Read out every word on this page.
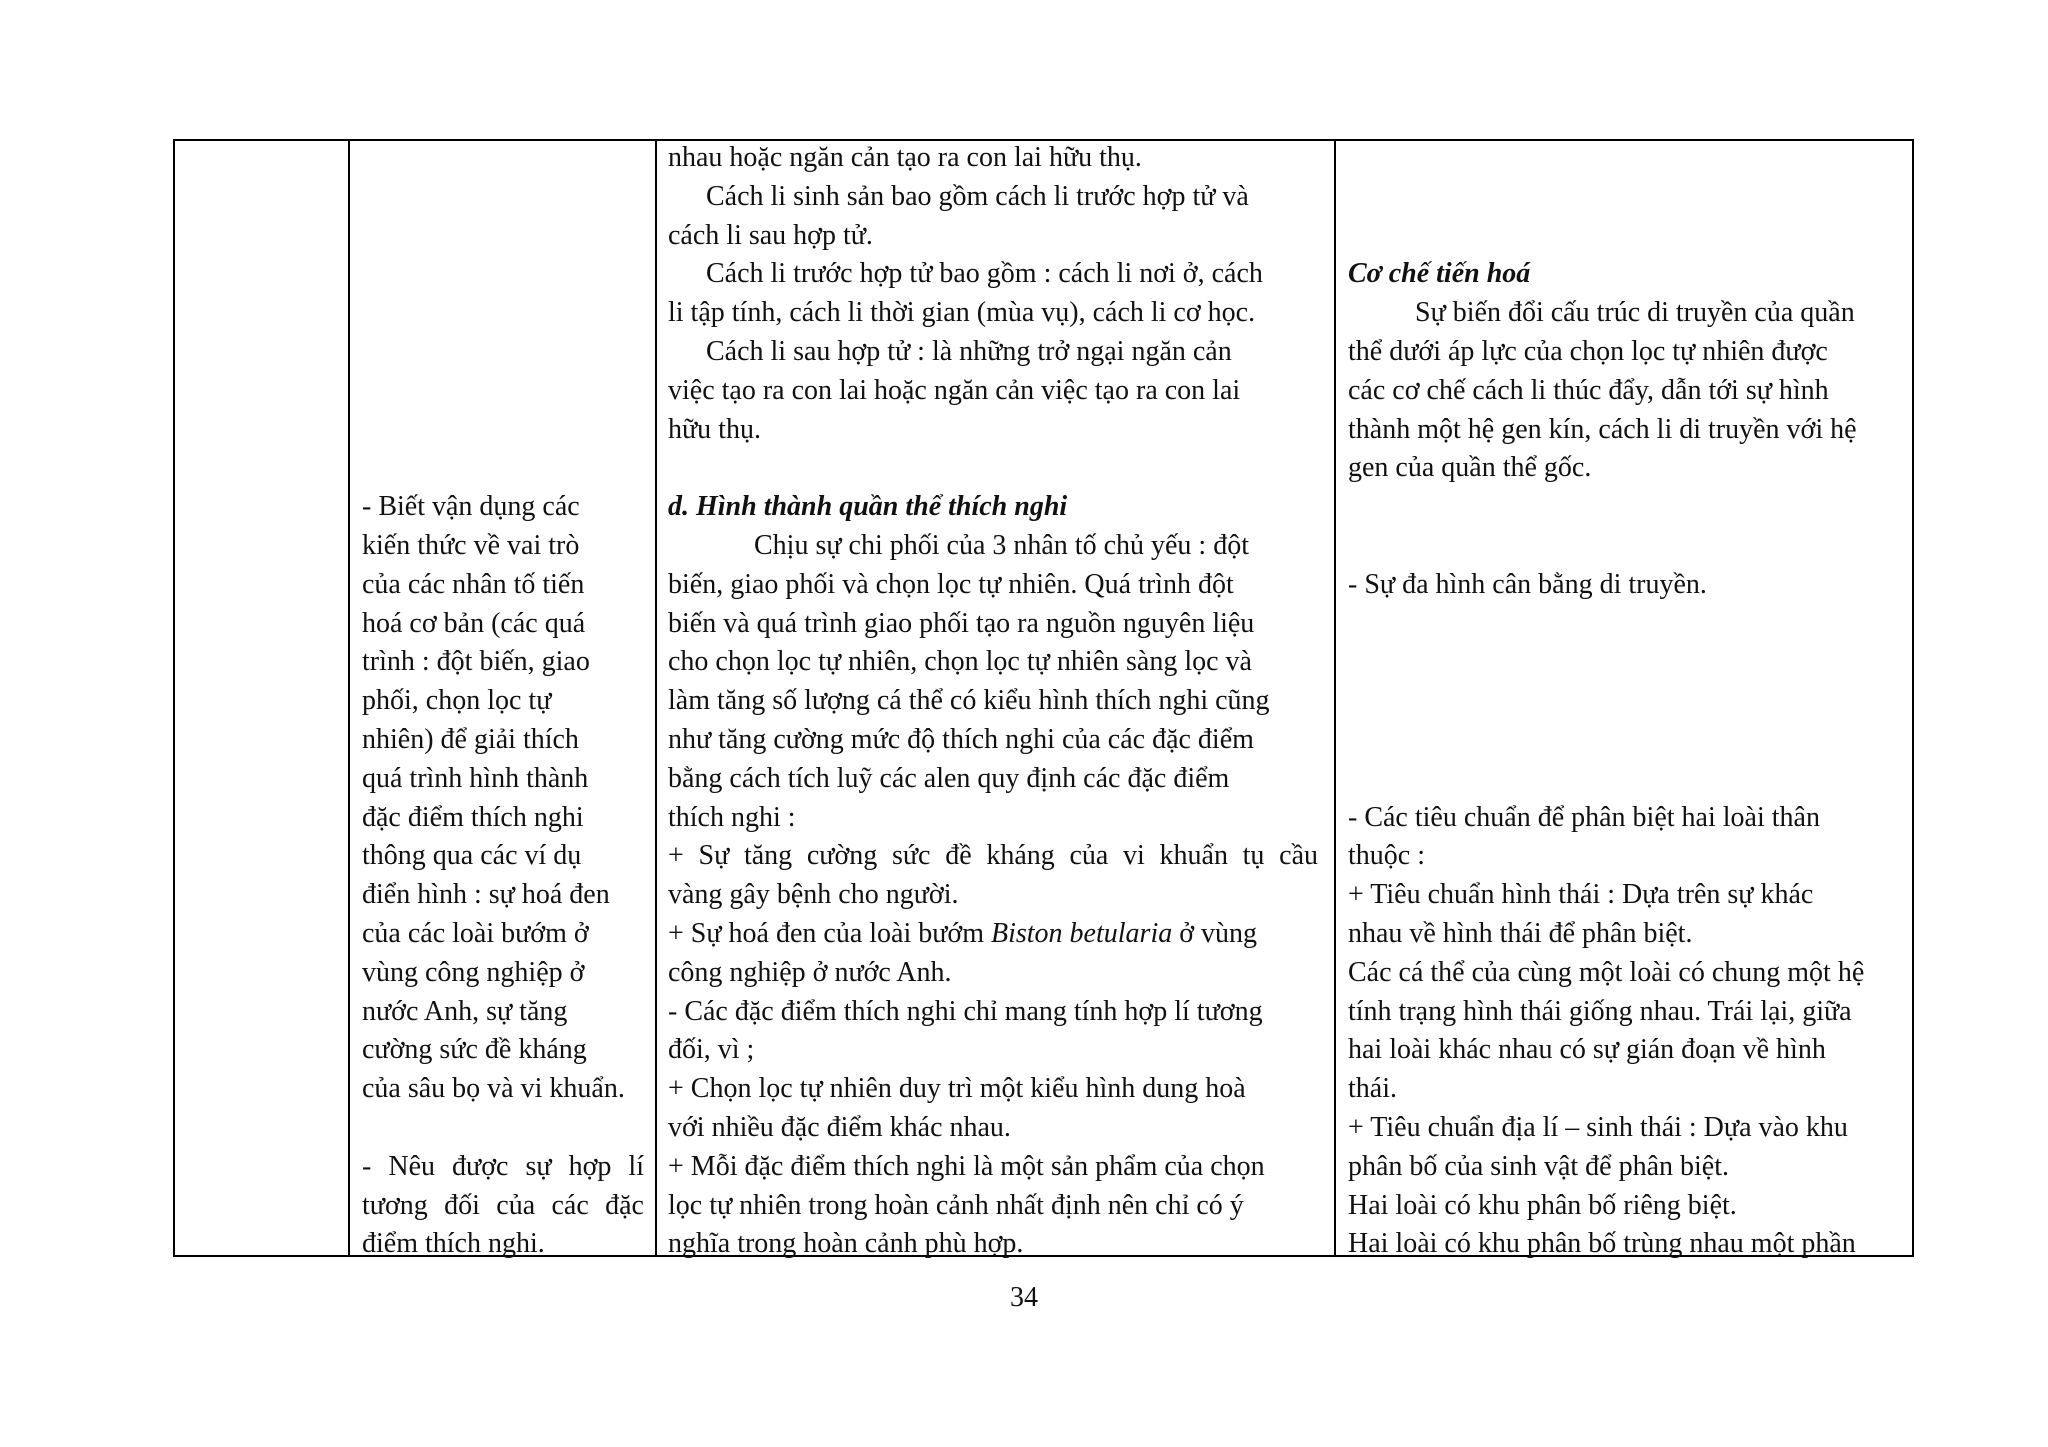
- Biết vận dụng các

kiến thức về vai trò

của các nhân tố tiến

hoá cơ bản (các quá

trình : đột biến, giao

phối, chọn lọc tự

nhiên) để giải thích

quá trình hình thành

đặc điểm thích nghi

thông qua các ví dụ

điển hình : sự hoá đen

của các loài bướm ở

vùng công nghiệp ở

nước Anh, sự tăng

cường sức đề kháng

của sâu bọ và vi khuẩn.

- Nêu được sự hợp lí

tương đối của các đặc

điểm thích nghi.

nhau hoặc ngăn cản tạo ra con lai hữu thụ.

Cách li sinh sản bao gồm cách li trước hợp tử và

cách li sau hợp tử.

Cách li trước hợp tử bao gồm : cách li nơi ở, cách

li tập tính, cách li thời gian (mùa vụ), cách li cơ học.

Cách li sau hợp tử : là những trở ngại ngăn cản

việc tạo ra con lai hoặc ngăn cản việc tạo ra con lai

hữu thụ.

d. Hình thành quần thể thích nghi

Chịu sự chi phối của 3 nhân tố chủ yếu : đột

biến, giao phối và chọn lọc tự nhiên. Quá trình đột

biến và quá trình giao phối tạo ra nguồn nguyên liệu

cho chọn lọc tự nhiên, chọn lọc tự nhiên sàng lọc và

làm tăng số lượng cá thể có kiểu hình thích nghi cũng

như tăng cường mức độ thích nghi của các đặc điểm

bằng cách tích luỹ các alen quy định các đặc điểm

thích nghi :

+ Sự tăng cường sức đề kháng của vi khuẩn tụ cầu

vàng gây bệnh cho người.

+ Sự hoá đen của loài bướm Biston betularia ở vùng

công nghiệp ở nước Anh.

- Các đặc điểm thích nghi chỉ mang tính hợp lí tương

đối, vì ;

+ Chọn lọc tự nhiên duy trì một kiểu hình dung hoà

với nhiều đặc điểm khác nhau.

+ Mỗi đặc điểm thích nghi là một sản phẩm của chọn

lọc tự nhiên trong hoàn cảnh nhất định nên chỉ có ý

nghĩa trong hoàn cảnh phù hợp.

Cơ chế tiến hoá

Sự biến đổi cấu trúc di truyền của quần

thể dưới áp lực của chọn lọc tự nhiên được

các cơ chế cách li thúc đẩy, dẫn tới sự hình

thành một hệ gen kín, cách li di truyền với hệ

gen của quần thể gốc.

- Sự đa hình cân bằng di truyền.

- Các tiêu chuẩn để phân biệt hai loài thân

thuộc :

+ Tiêu chuẩn hình thái : Dựa trên sự khác

nhau về hình thái để phân biệt.

Các cá thể của cùng một loài có chung một hệ

tính trạng hình thái giống nhau. Trái lại, giữa

hai loài khác nhau có sự gián đoạn về hình

thái.

+ Tiêu chuẩn địa lí – sinh thái : Dựa vào khu

phân bố của sinh vật để phân biệt.

Hai loài có khu phân bố riêng biệt.

Hai loài có khu phân bố trùng nhau một phần

34
